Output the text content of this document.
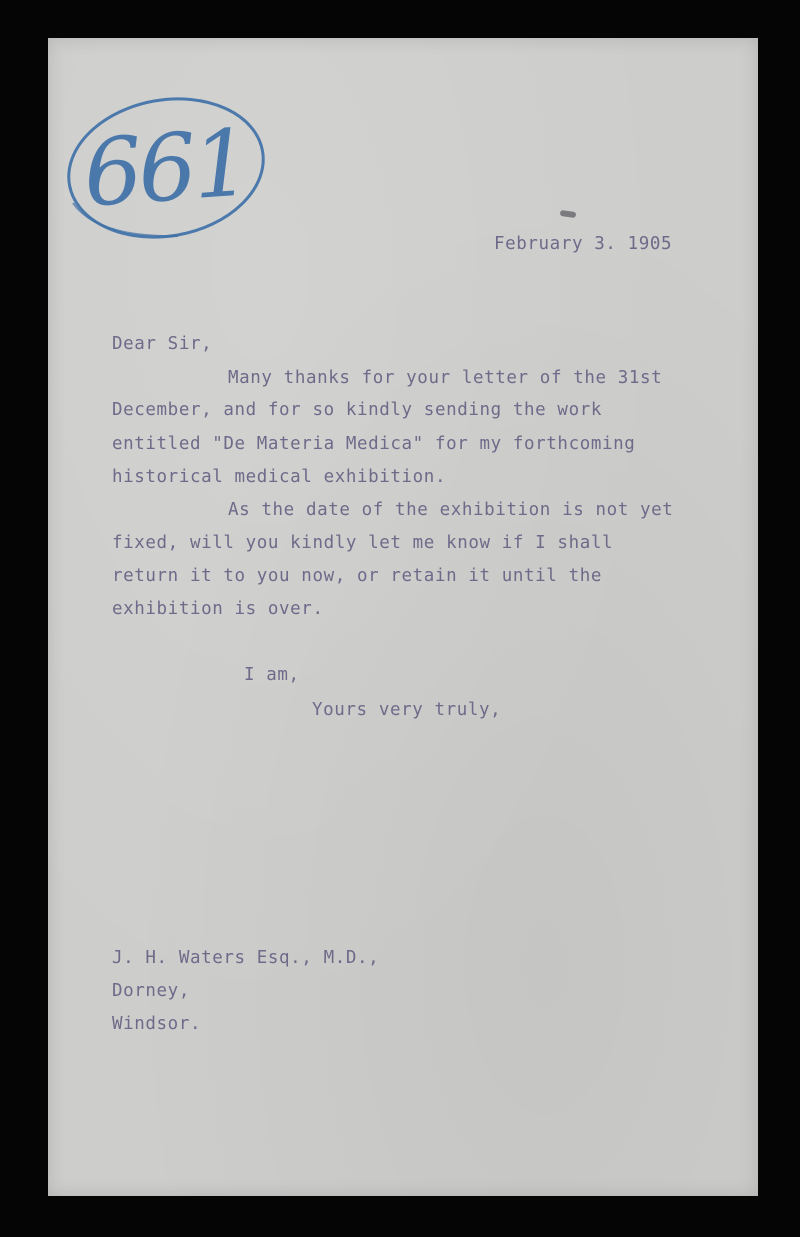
661
February 3. 1905
Dear Sir,
Many thanks for your letter of the 31st
December, and for so kindly sending the work
entitled "De Materia Medica" for my forthcoming
historical medical exhibition.
As the date of the exhibition is not yet
fixed, will you kindly let me know if I shall
return it to you now, or retain it until the
exhibition is over.
I am,
Yours very truly,
J. H. Waters Esq., M.D.,
Dorney,
Windsor.
